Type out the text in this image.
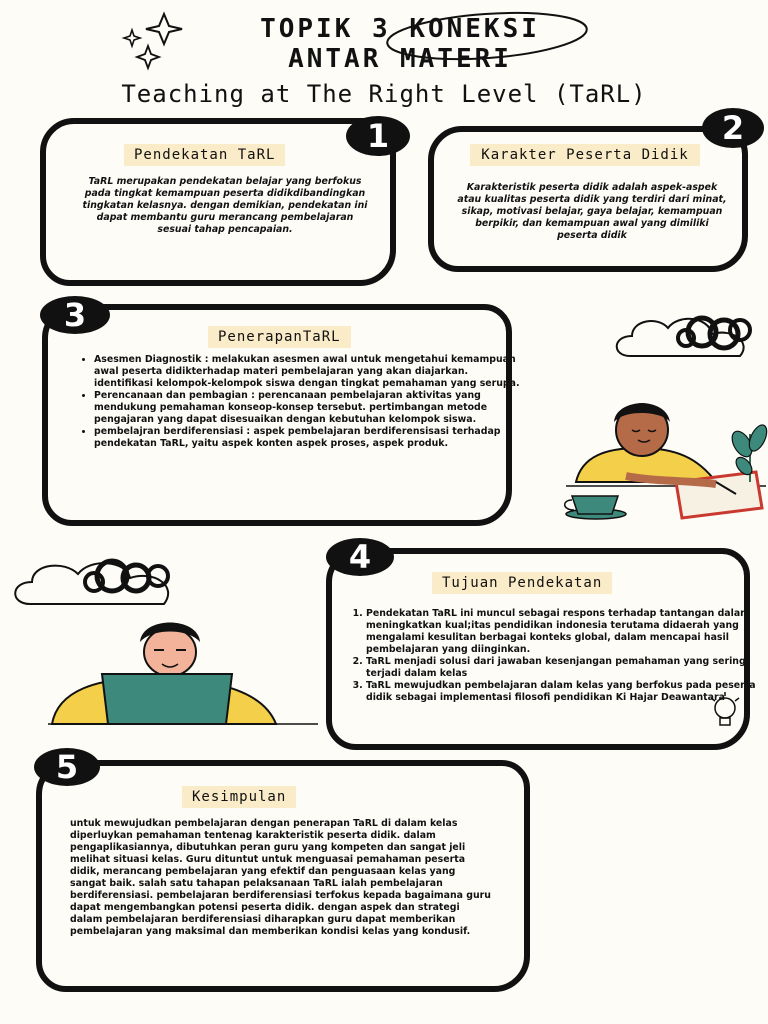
TOPIK 3 KONEKSI
ANTAR MATERI
Teaching at The Right Level (TaRL)
Pendekatan TaRL
TaRL merupakan pendekatan belajar yang berfokus pada tingkat kemampuan peserta didikdibandingkan tingkatan kelasnya. dengan demikian, pendekatan ini dapat membantu guru merancang pembelajaran sesuai tahap pencapaian.
1	Karakter Peserta Didik
Karakteristik peserta didik adalah aspek-aspek atau kualitas peserta didik yang terdiri dari minat, sikap, motivasi belajar, gaya belajar, kemampuan berpikir, dan kemampuan awal yang dimiliki peserta didik
2
PenerapanTaRL
• Asesmen Diagnostik : melakukan asesmen awal untuk mengetahui kemampuan awal peserta didikterhadap materi pembelajaran yang akan diajarkan. identifikasi kelompok-kelompok siswa dengan tingkat pemahaman yang serupa.
• Perencanaan dan pembagian : perencanaan pembelajaran aktivitas yang mendukung pemahaman konseop-konsep tersebut. pertimbangan metode pengajaran yang dapat disesuaikan dengan kebutuhan kelompok siswa.
• pembelajran berdiferensiasi : aspek pembelajaran berdiferensisasi terhadap pendekatan TaRL, yaitu aspek konten aspek proses, aspek produk.
3
Tujuan Pendekatan
1. Pendekatan TaRL ini muncul sebagai respons terhadap tantangan dalam meningkatkan kual;itas pendidikan indonesia terutama didaerah yang mengalami kesulitan berbagai konteks global, dalam mencapai hasil pembelajaran yang diinginkan.
2. TaRL menjadi solusi dari jawaban kesenjangan pemahaman yang sering terjadi dalam kelas
3. TaRL mewujudkan pembelajaran dalam kelas yang berfokus pada peserta didik sebagai implementasi filosofi pendidikan Ki Hajar Deawantara
4
Kesimpulan
untuk mewujudkan pembelajaran dengan penerapan TaRL di dalam kelas diperluykan pemahaman tentenag karakteristik peserta didik. dalam pengaplikasiannya, dibutuhkan peran guru yang kompeten dan sangat jeli melihat situasi kelas. Guru dituntut untuk menguasai pemahaman peserta didik, merancang pembelajaran yang efektif dan penguasaan kelas yang sangat baik. salah satu tahapan pelaksanaan TaRL ialah pembelajaran berdiferensiasi. pembelajaran berdiferensiasi terfokus kepada bagaimana guru dapat mengembangkan potensi peserta didik. dengan aspek dan strategi dalam pembelajaran berdiferensiasi diharapkan guru dapat memberikan pembelajaran yang maksimal dan memberikan kondisi kelas yang kondusif.
5
